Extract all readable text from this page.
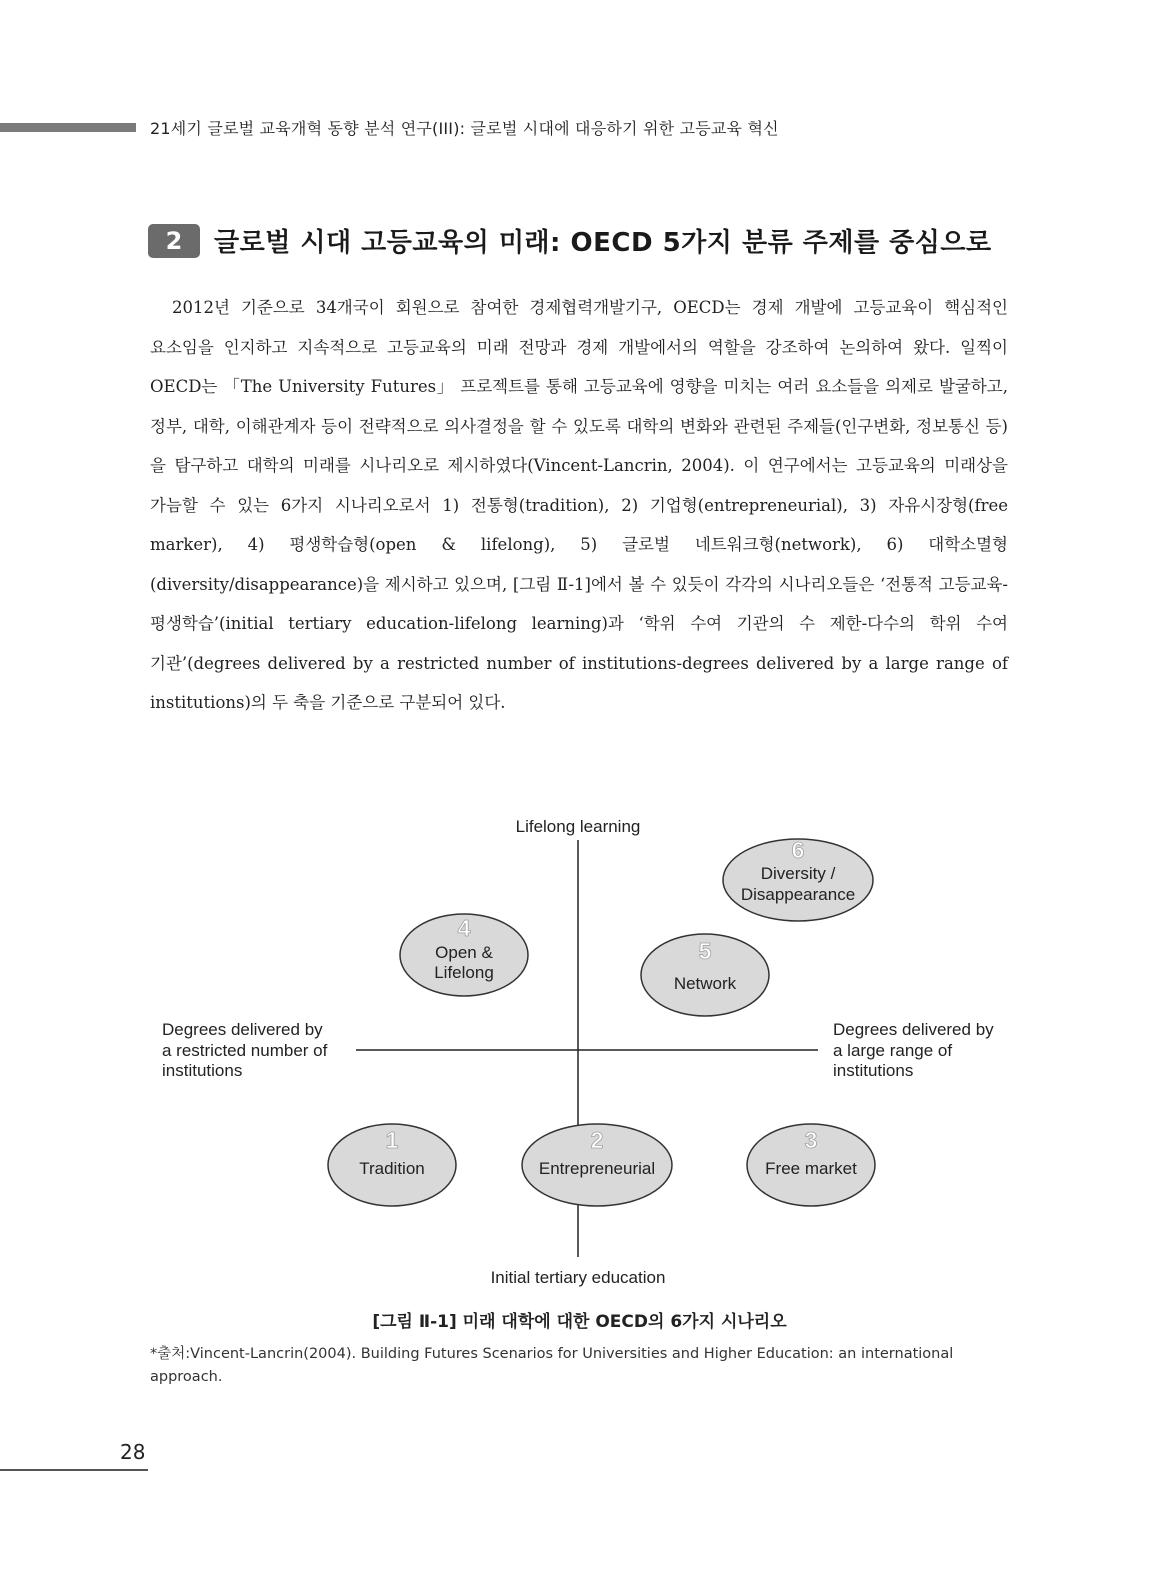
21세기 글로벌 교육개혁 동향 분석 연구(III): 글로벌 시대에 대응하기 위한 고등교육 혁신
2	글로벌 시대 고등교육의 미래: OECD 5가지 분류 주제를 중심으로

2012년 기준으로 34개국이 회원으로 참여한 경제협력개발기구, OECD는 경제 개발에 고등교육이 핵심적인 요소임을 인지하고 지속적으로 고등교육의 미래 전망과 경제 개발에서의 역할을 강조하여 논의하여 왔다. 일찍이 OECD는 「The University Futures」 프로젝트를 통해 고등교육에 영향을 미치는 여러 요소들을 의제로 발굴하고, 정부, 대학, 이해관계자 등이 전략적으로 의사결정을 할 수 있도록 대학의 변화와 관련된 주제들(인구변화, 정보통신 등)을 탐구하고 대학의 미래를 시나리오로 제시하였다(Vincent-Lancrin, 2004). 이 연구에서는 고등교육의 미래상을 가늠할 수 있는 6가지 시나리오로서 1) 전통형(tradition), 2) 기업형(entrepreneurial), 3) 자유시장형(free marker), 4) 평생학습형(open & lifelong), 5) 글로벌 네트워크형(network), 6) 대학소멸형(diversity/disappearance)을 제시하고 있으며, [그림 Ⅱ-1]에서 볼 수 있듯이 각각의 시나리오들은 ‘전통적 고등교육-평생학습’(initial tertiary education-lifelong learning)과 ‘학위 수여 기관의 수 제한-다수의 학위 수여 기관’(degrees delivered by a restricted number of institutions-degrees delivered by a large range of institutions)의 두 축을 기준으로 구분되어 있다.

Lifelong learning
Initial tertiary education
Degrees delivered by
a restricted number of
institutions
Degrees delivered by
a large range of
institutions
1
Tradition
2
Entrepreneurial
3
Free market
4
Open &
Lifelong
5
Network
6
Diversity /
Disappearance
[그림 Ⅱ-1] 미래 대학에 대한 OECD의 6가지 시나리오
*출처:Vincent-Lancrin(2004). Building Futures Scenarios for Universities and Higher Education: an international approach.
28
